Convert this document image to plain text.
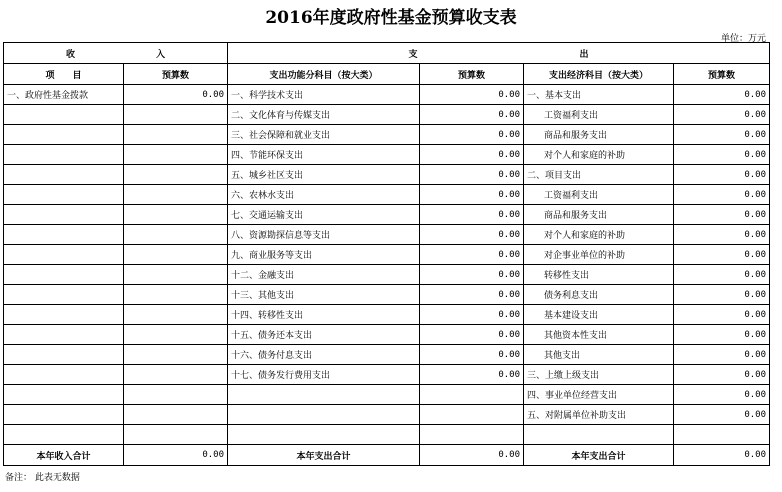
2016年度政府性基金预算收支表
单位：万元
收　　　　　　　　　入		支　　　　　　　　　　　　　　　　　　出			
项　　目	预算数	支出功能分科目（按大类）	预算数	支出经济科目（按大类）	预算数
一、政府性基金拨款	0.00	一、科学技术支出	0.00	一、基本支出	0.00
		二、文化体育与传媒支出	0.00	工资福利支出	0.00
		三、社会保障和就业支出	0.00	商品和服务支出	0.00
		四、节能环保支出	0.00	对个人和家庭的补助	0.00
		五、城乡社区支出	0.00	二、项目支出	0.00
		六、农林水支出	0.00	工资福利支出	0.00
		七、交通运输支出	0.00	商品和服务支出	0.00
		八、资源勘探信息等支出	0.00	对个人和家庭的补助	0.00
		九、商业服务等支出	0.00	对企事业单位的补助	0.00
		十二、金融支出	0.00	转移性支出	0.00
		十三、其他支出	0.00	债务利息支出	0.00
		十四、转移性支出	0.00	基本建设支出	0.00
		十五、债务还本支出	0.00	其他资本性支出	0.00
		十六、债务付息支出	0.00	其他支出	0.00
		十七、债务发行费用支出	0.00	三、上缴上级支出	0.00
				四、事业单位经营支出	0.00
				五、对附属单位补助支出	0.00

本年收入合计	0.00	本年支出合计	0.00	本年支出合计	0.00
备注： 此表无数据
